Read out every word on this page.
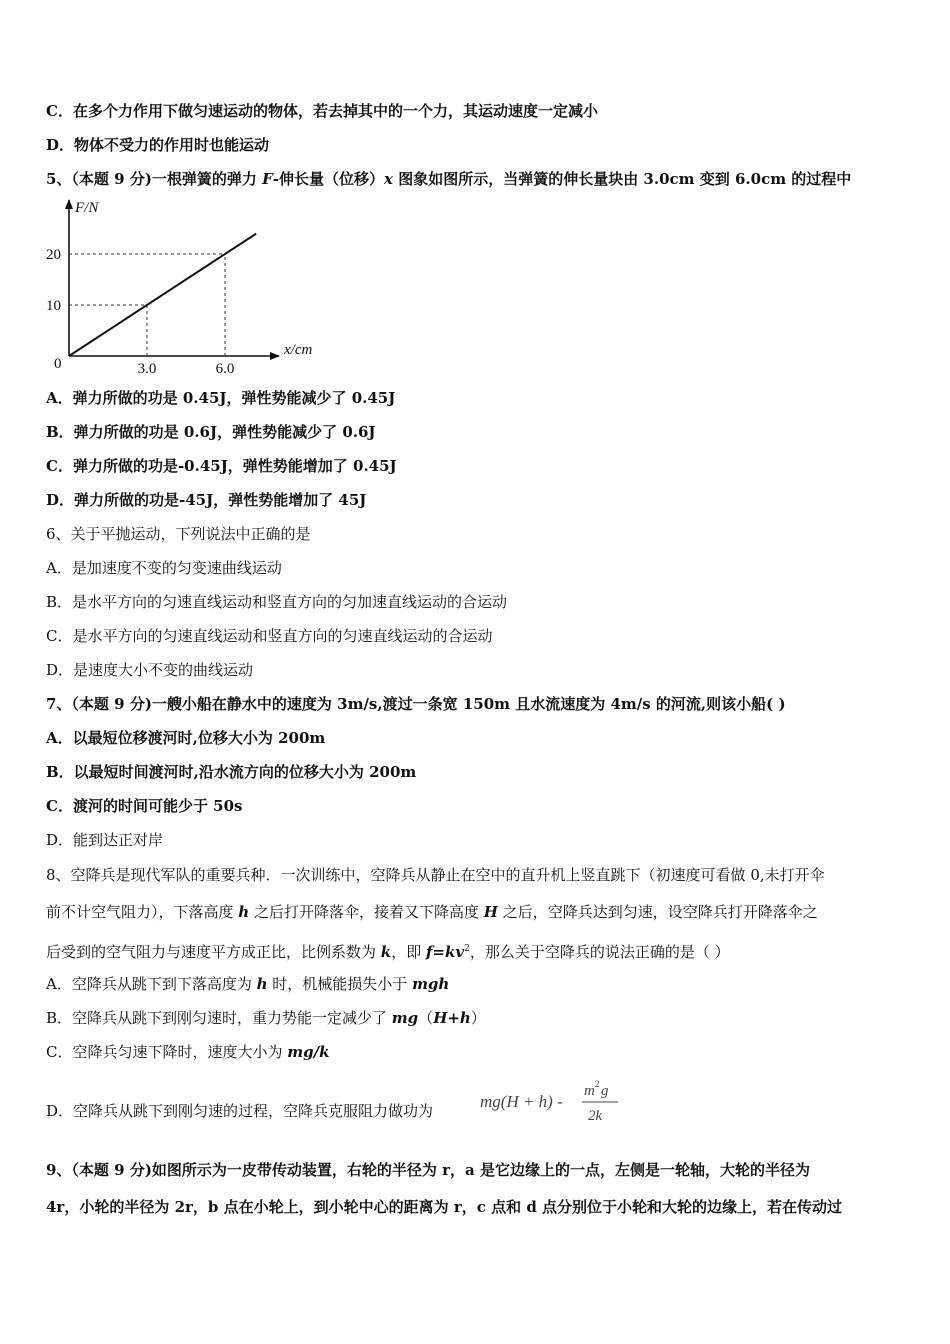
C．在多个力作用下做匀速运动的物体，若去掉其中的一个力，其运动速度一定减小
D．物体不受力的作用时也能运动
5、（本题 9 分)一根弹簧的弹力 F-伸长量（位移）x 图象如图所示，当弹簧的伸长量块由 3.0cm 变到 6.0cm 的过程中
F/N
x/cm
0
10
20
3.0	6.0
A．弹力所做的功是 0.45J，弹性势能减少了 0.45J
B．弹力所做的功是 0.6J，弹性势能减少了 0.6J
C．弹力所做的功是-0.45J，弹性势能增加了 0.45J
D．弹力所做的功是-45J，弹性势能增加了 45J
6、关于平抛运动，下列说法中正确的是
A．是加速度不变的匀变速曲线运动
B．是水平方向的匀速直线运动和竖直方向的匀加速直线运动的合运动
C．是水平方向的匀速直线运动和竖直方向的匀速直线运动的合运动
D．是速度大小不变的曲线运动
7、（本题 9 分)一艘小船在静水中的速度为 3m/s,渡过一条宽 150m 且水流速度为 4m/s 的河流,则该小船( )
A．以最短位移渡河时,位移大小为 200m
B．以最短时间渡河时,沿水流方向的位移大小为 200m
C．渡河的时间可能少于 50s
D．能到达正对岸
8、空降兵是现代军队的重要兵种．一次训练中，空降兵从静止在空中的直升机上竖直跳下（初速度可看做 0,未打开伞
前不计空气阻力），下落高度 h 之后打开降落伞，接着又下降高度 H 之后，空降兵达到匀速，设空降兵打开降落伞之
后受到的空气阻力与速度平方成正比，比例系数为 k，即 $f=kv^2$，那么关于空降兵的说法正确的是（ ）
A．空降兵从跳下到下落高度为 h 时，机械能损失小于 mgh
B．空降兵从跳下到刚匀速时，重力势能一定减少了 mg（H+h）
C．空降兵匀速下降时，速度大小为 mg/k
D．空降兵从跳下到刚匀速的过程，空降兵克服阻力做功为	mg(H + h) -
m 2 g
2k
9、（本题 9 分)如图所示为一皮带传动装置，右轮的半径为 r，a 是它边缘上的一点，左侧是一轮轴，大轮的半径为
4r，小轮的半径为 2r，b 点在小轮上，到小轮中心的距离为 r，c 点和 d 点分别位于小轮和大轮的边缘上，若在传动过
